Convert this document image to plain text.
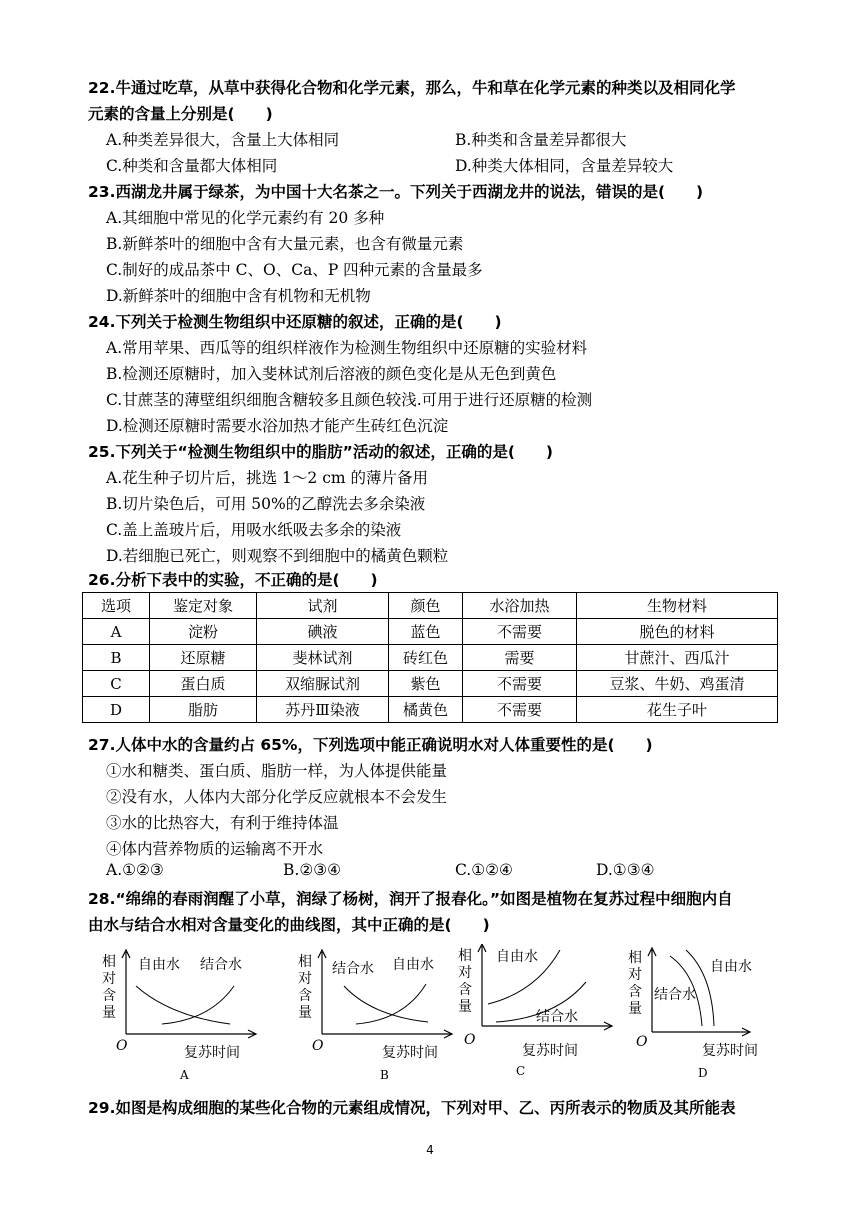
22.牛通过吃草，从草中获得化合物和化学元素，那么，牛和草在化学元素的种类以及相同化学
元素的含量上分别是(　　)
A.种类差异很大，含量上大体相同	B.种类和含量差异都很大
C.种类和含量都大体相同	D.种类大体相同，含量差异较大
23.西湖龙井属于绿茶，为中国十大名茶之一。下列关于西湖龙井的说法，错误的是(　　)
A.其细胞中常见的化学元素约有 20 多种
B.新鲜茶叶的细胞中含有大量元素，也含有微量元素
C.制好的成品茶中 C、O、Ca、P 四种元素的含量最多
D.新鲜茶叶的细胞中含有机物和无机物
24.下列关于检测生物组织中还原糖的叙述，正确的是(　　)
A.常用苹果、西瓜等的组织样液作为检测生物组织中还原糖的实验材料
B.检测还原糖时，加入斐林试剂后溶液的颜色变化是从无色到黄色
C.甘蔗茎的薄壁组织细胞含糖较多且颜色较浅.可用于进行还原糖的检测
D.检测还原糖时需要水浴加热才能产生砖红色沉淀
25.下列关于“检测生物组织中的脂肪”活动的叙述，正确的是(　　)
A.花生种子切片后，挑选 1～2 cm 的薄片备用
B.切片染色后，可用 50%的乙醇洗去多余染液
C.盖上盖玻片后，用吸水纸吸去多余的染液
D.若细胞已死亡，则观察不到细胞中的橘黄色颗粒
26.分析下表中的实验，不正确的是(　　)
选项	鉴定对象	试剂	颜色	水浴加热	生物材料
A	淀粉	碘液	蓝色	不需要	脱色的材料
B	还原糖	斐林试剂	砖红色	需要	甘蔗汁、西瓜汁
C	蛋白质	双缩脲试剂	紫色	不需要	豆浆、牛奶、鸡蛋清
D	脂肪	苏丹Ⅲ染液	橘黄色	不需要	花生子叶
27.人体中水的含量约占 65%，下列选项中能正确说明水对人体重要性的是(　　)
①水和糖类、蛋白质、脂肪一样，为人体提供能量
②没有水，人体内大部分化学反应就根本不会发生
③水的比热容大，有利于维持体温
④体内营养物质的运输离不开水
A.①②③	B.②③④	C.①②④	D.①③④
28.“绵绵的春雨润醒了小草，润绿了杨树，润开了报春化。”如图是植物在复苏过程中细胞内自
由水与结合水相对含量变化的曲线图，其中正确的是(　　)
相对含量
自由水 结合水
O	复苏时间
A
相对含量
结合水 自由水
O	复苏时间
B
相对含量
自由水
结合水
O
复苏时间
C
相对含量
自由水
结合水
O
复苏时间
D
29.如图是构成细胞的某些化合物的元素组成情况，下列对甲、乙、丙所表示的物质及其所能表
4
